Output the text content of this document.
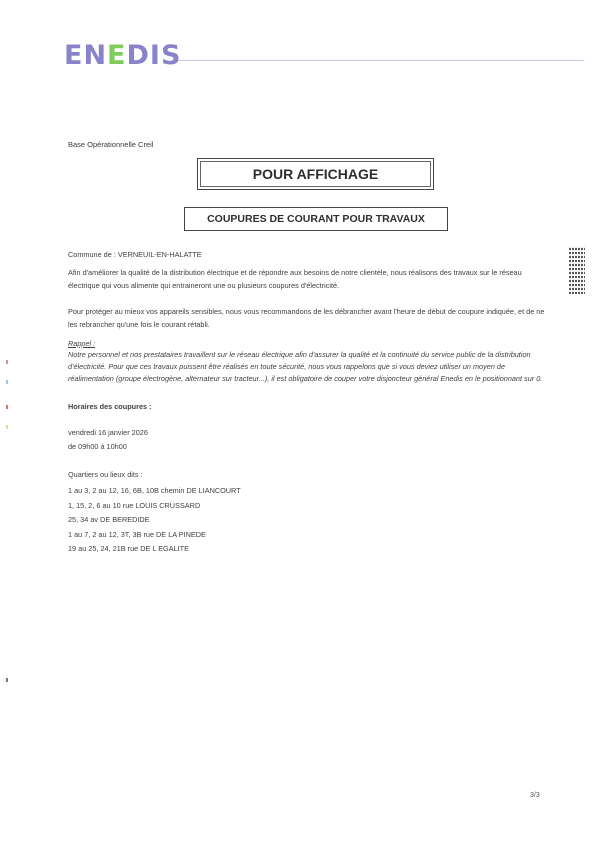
ENEDIS
Base Opérationnelle Creil
POUR AFFICHAGE
COUPURES DE COURANT POUR TRAVAUX
Commune de : VERNEUIL-EN-HALATTE
Afin d'améliorer la qualité de la distribution électrique et de répondre aux besoins de notre clientèle, nous réalisons des travaux sur le réseau électrique qui vous alimente qui entraineront une ou plusieurs coupures d'électricité.
Pour protéger au mieux vos appareils sensibles, nous vous recommandons de les débrancher avant l'heure de début de coupure indiquée, et de ne les rebrancher qu'une fois le courant rétabli.
Rappel :
Notre personnel et nos prestataires travaillent sur le réseau électrique afin d'assurer la qualité et la continuité du service public de la distribution d'électricité. Pour que ces travaux puissent être réalisés en toute sécurité, nous vous rappelons que si vous deviez utiliser un moyen de réalimentation (groupe électrogène, alternateur sur tracteur...), il est obligatoire de couper votre disjoncteur général Enedis en le positionnant sur 0.
Horaires des coupures :
vendredi 16 janvier 2026
de 09h00 à 10h00
Quartiers ou lieux dits :
1 au 3, 2 au 12, 16, 6B, 10B chemin DE LIANCOURT
1, 15, 2, 6 au 10 rue LOUIS CRUSSARD
25, 34 av DE BEREDIDE
1 au 7, 2 au 12, 3T, 3B rue DE LA PINEDE
19 au 25, 24, 21B rue DE L EGALITE
3/3
